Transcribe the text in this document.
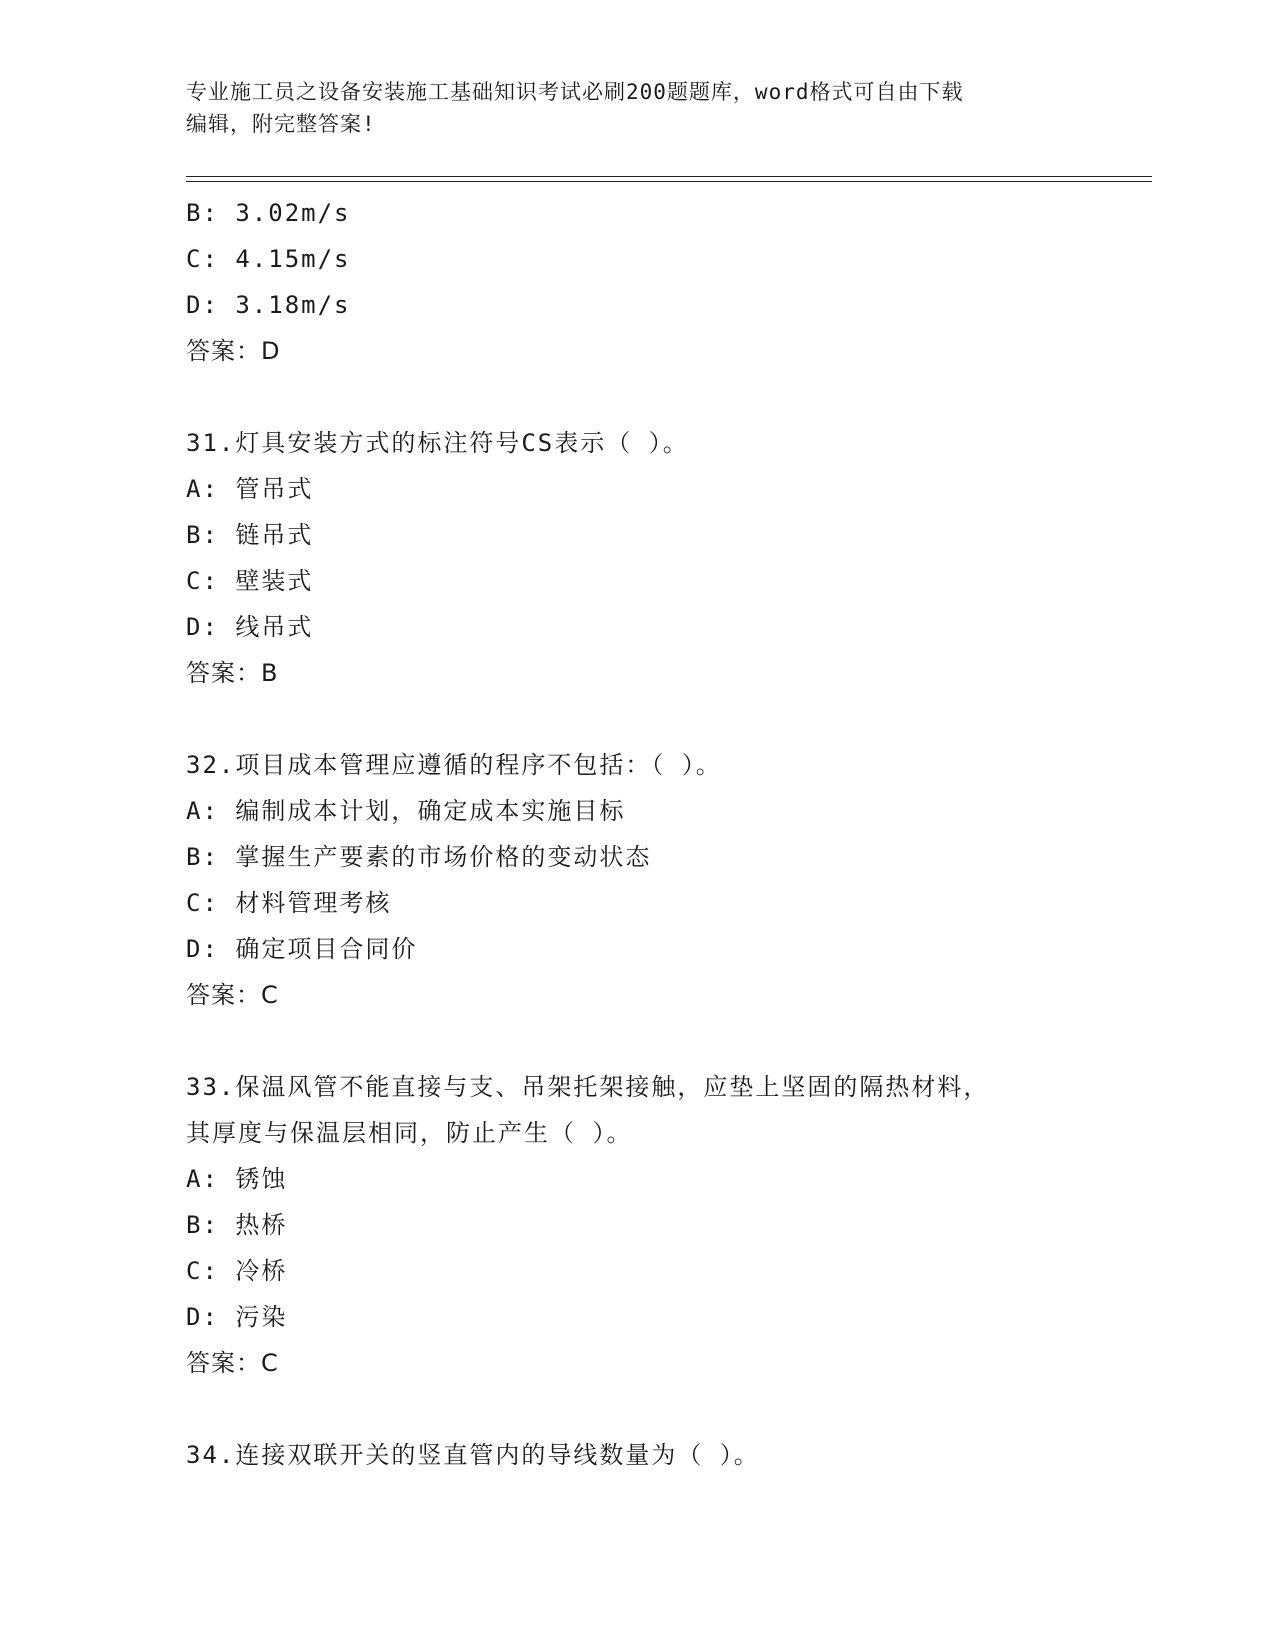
专业施工员之设备安装施工基础知识考试必刷200题题库，word格式可自由下载
编辑，附完整答案!
B: 3.02m/s
C: 4.15m/s
D: 3.18m/s
答案：D
31.灯具安装方式的标注符号CS表示（ ）。
A: 管吊式
B: 链吊式
C: 壁装式
D: 线吊式
答案：B
32.项目成本管理应遵循的程序不包括：（ ）。
A: 编制成本计划，确定成本实施目标
B: 掌握生产要素的市场价格的变动状态
C: 材料管理考核
D: 确定项目合同价
答案：C
33.保温风管不能直接与支、吊架托架接触，应垫上坚固的隔热材料，
其厚度与保温层相同，防止产生（ ）。
A: 锈蚀
B: 热桥
C: 冷桥
D: 污染
答案：C
34.连接双联开关的竖直管内的导线数量为（ ）。
